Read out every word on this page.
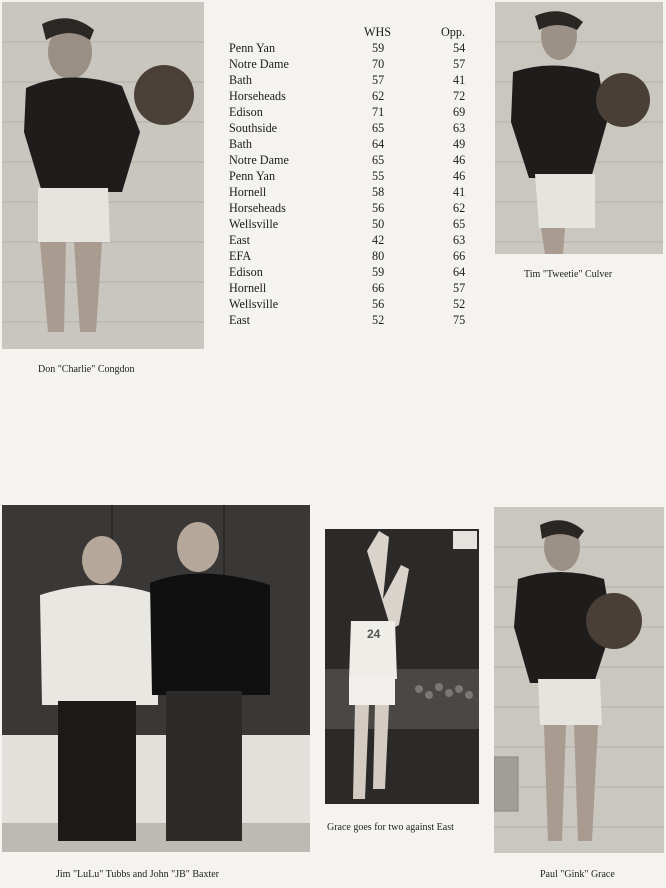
WHS	Opp.
Penn Yan	59	54
Notre Dame	70	57
Bath	57	41
Horseheads	62	72
Edison	71	69
Southside	65	63
Bath	64	49
Notre Dame	65	46
Penn Yan	55	46
Hornell	58	41
Horseheads	56	62
Wellsville	50	65
East	42	63
EFA	80	66
Edison	59	64
Hornell	66	57
Wellsville	56	52
East	52	75
Don "Charlie" Congdon
Tim "Tweetie" Culver
24
Grace goes for two against East
Jim "LuLu" Tubbs and John "JB" Baxter	Paul "Gink" Grace
